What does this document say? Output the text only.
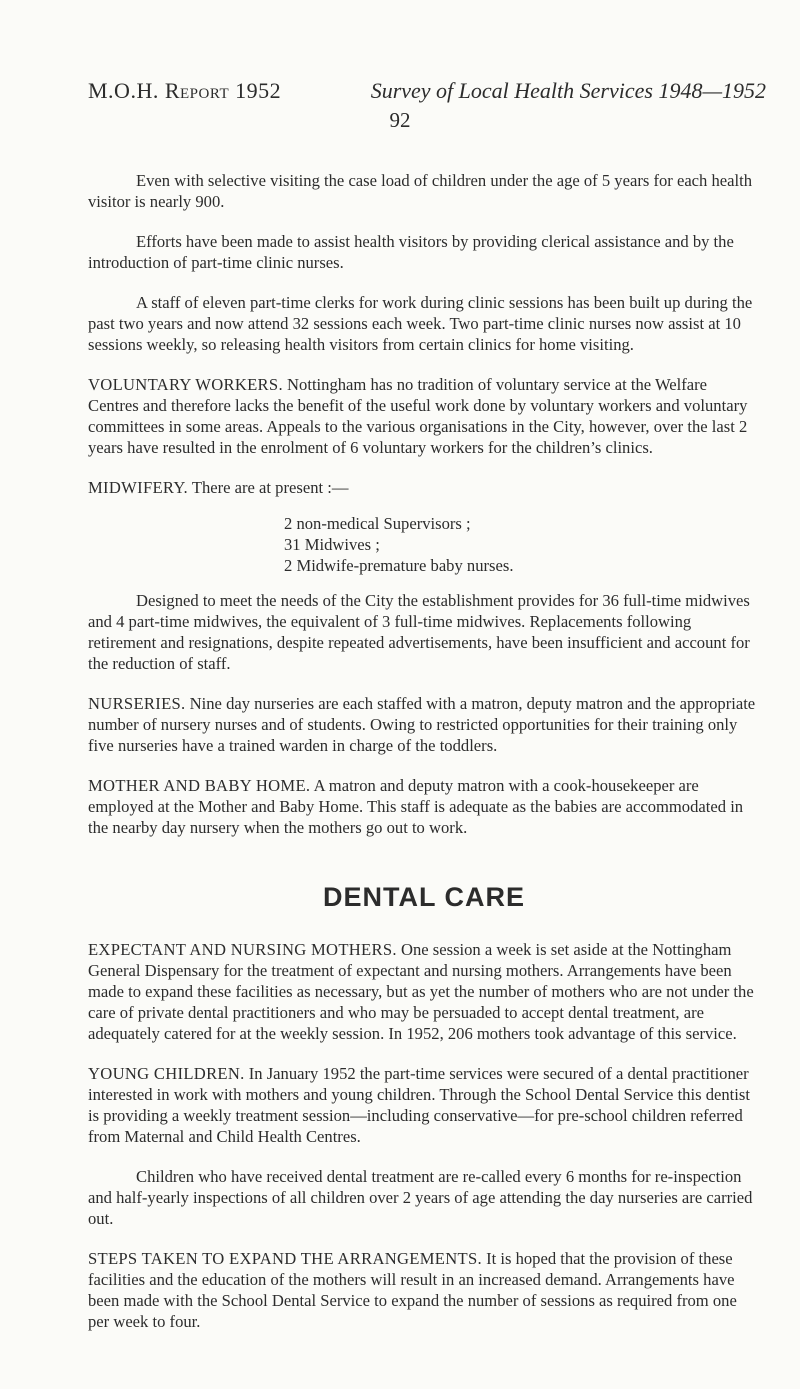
M.O.H. Report 1952	Survey of Local Health Services 1948—1952
92

Even with selective visiting the case load of children under the age of 5 years for each health visitor is nearly 900.

Efforts have been made to assist health visitors by providing clerical assistance and by the introduction of part-time clinic nurses.

A staff of eleven part-time clerks for work during clinic sessions has been built up during the past two years and now attend 32 sessions each week. Two part-time clinic nurses now assist at 10 sessions weekly, so releasing health visitors from certain clinics for home visiting.

VOLUNTARY WORKERS. Nottingham has no tradition of voluntary service at the Welfare Centres and therefore lacks the benefit of the useful work done by voluntary workers and voluntary committees in some areas. Appeals to the various organisations in the City, however, over the last 2 years have resulted in the enrolment of 6 voluntary workers for the children’s clinics.

MIDWIFERY. There are at present :—

2 non-medical Supervisors ;
31 Midwives ;
2 Midwife-premature baby nurses.

Designed to meet the needs of the City the establishment provides for 36 full-time midwives and 4 part-time midwives, the equivalent of 3 full-time midwives. Replacements following retirement and resignations, despite repeated advertisements, have been insufficient and account for the reduction of staff.

NURSERIES. Nine day nurseries are each staffed with a matron, deputy matron and the appropriate number of nursery nurses and of students. Owing to restricted opportunities for their training only five nurseries have a trained warden in charge of the toddlers.

MOTHER AND BABY HOME. A matron and deputy matron with a cook-housekeeper are employed at the Mother and Baby Home. This staff is adequate as the babies are accommodated in the nearby day nursery when the mothers go out to work.

DENTAL CARE

EXPECTANT AND NURSING MOTHERS. One session a week is set aside at the Nottingham General Dispensary for the treatment of expectant and nursing mothers. Arrangements have been made to expand these facilities as necessary, but as yet the number of mothers who are not under the care of private dental practitioners and who may be persuaded to accept dental treatment, are adequately catered for at the weekly session. In 1952, 206 mothers took advantage of this service.

YOUNG CHILDREN. In January 1952 the part-time services were secured of a dental practitioner interested in work with mothers and young children. Through the School Dental Service this dentist is providing a weekly treatment session—including conservative—for pre-school children referred from Maternal and Child Health Centres.

Children who have received dental treatment are re-called every 6 months for re-inspection and half-yearly inspections of all children over 2 years of age attending the day nurseries are carried out.

STEPS TAKEN TO EXPAND THE ARRANGEMENTS. It is hoped that the provision of these facilities and the education of the mothers will result in an increased demand. Arrangements have been made with the School Dental Service to expand the number of sessions as required from one per week to four.
